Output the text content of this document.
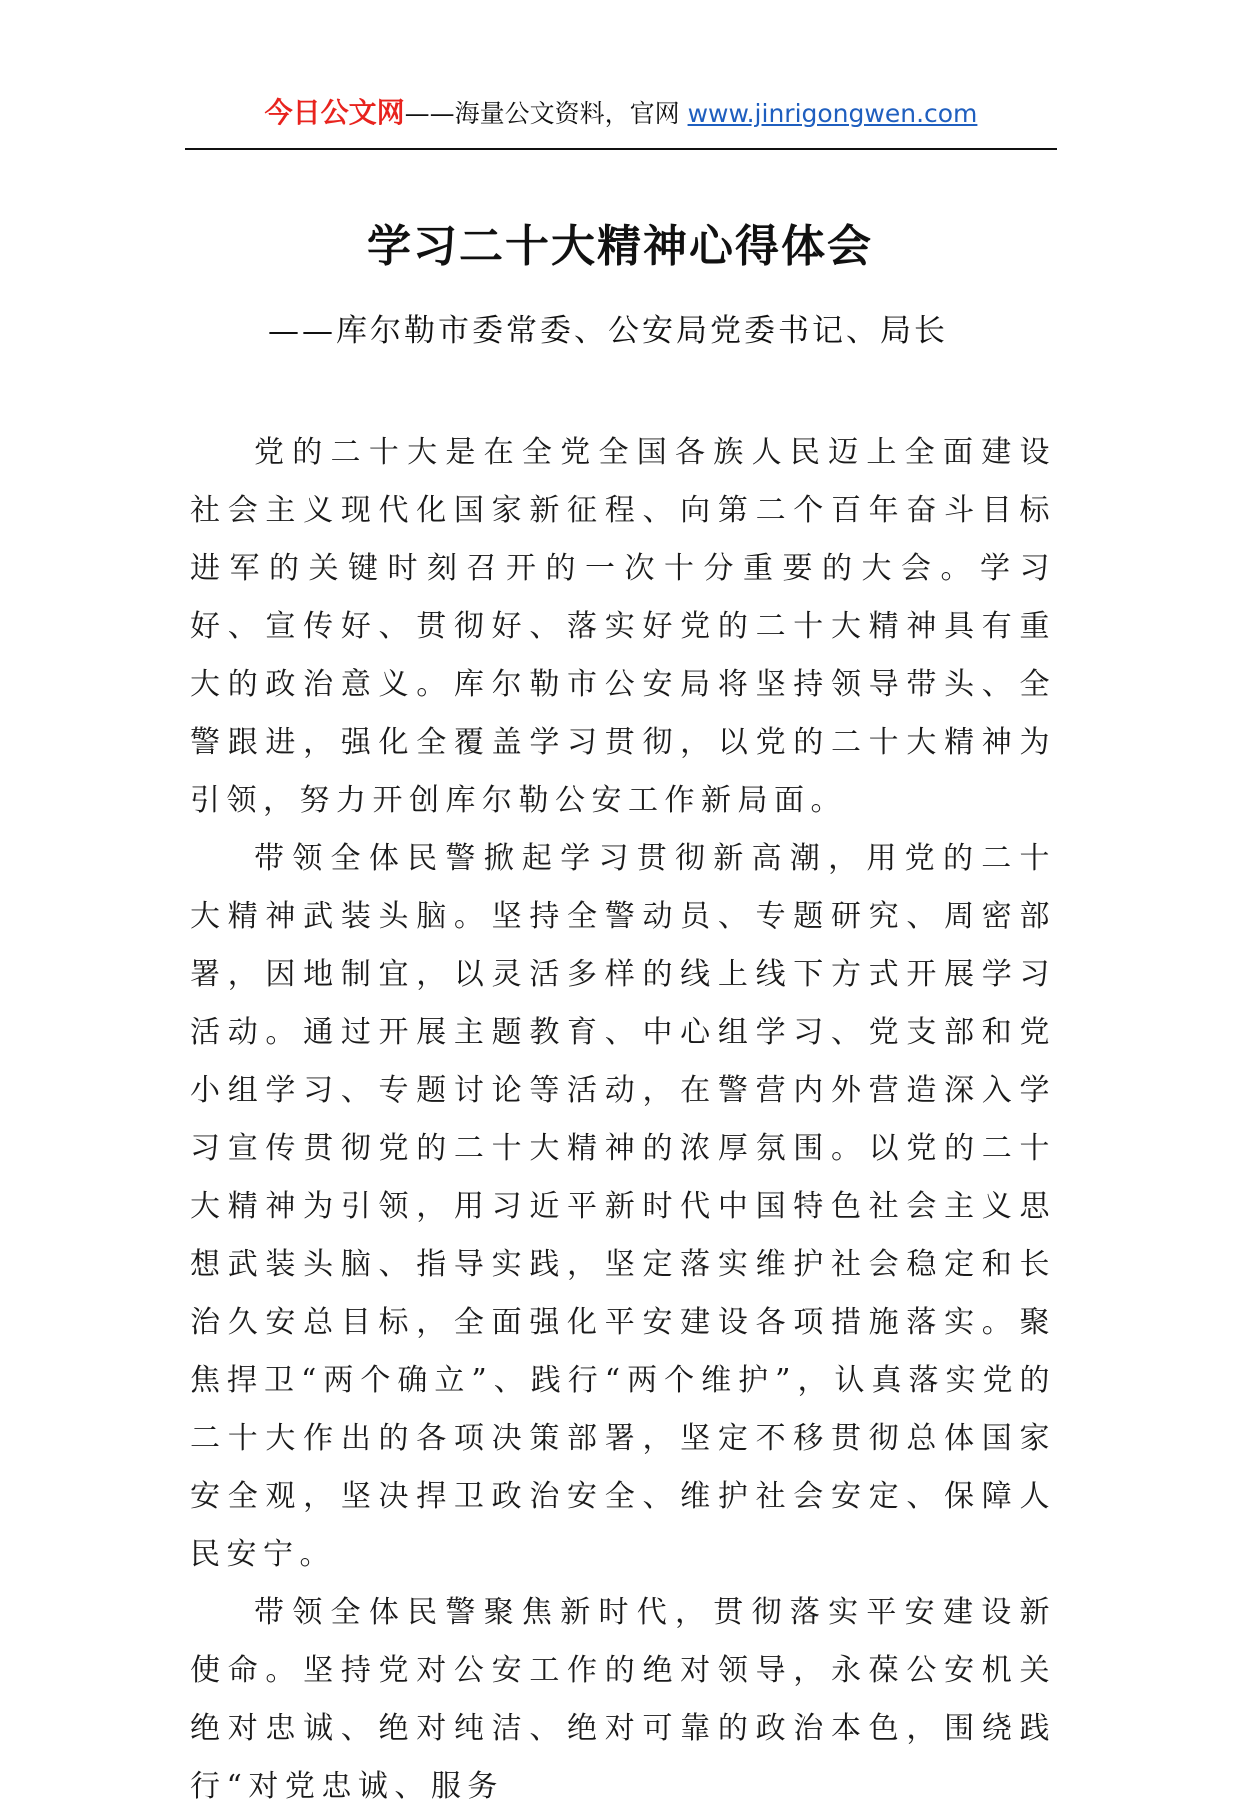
今日公文网——海量公文资料，官网 www.jinrigongwen.com
学习二十大精神心得体会

——库尔勒市委常委、公安局党委书记、局长

党的二十大是在全党全国各族人民迈上全面建设社会主义现代化国家新征程、向第二个百年奋斗目标进军的关键时刻召开的一次十分重要的大会。学习好、宣传好、贯彻好、落实好党的二十大精神具有重大的政治意义。库尔勒市公安局将坚持领导带头、全警跟进，强化全覆盖学习贯彻，以党的二十大精神为引领，努力开创库尔勒公安工作新局面。

带领全体民警掀起学习贯彻新高潮，用党的二十大精神武装头脑。坚持全警动员、专题研究、周密部署，因地制宜，以灵活多样的线上线下方式开展学习活动。通过开展主题教育、中心组学习、党支部和党小组学习、专题讨论等活动，在警营内外营造深入学习宣传贯彻党的二十大精神的浓厚氛围。以党的二十大精神为引领，用习近平新时代中国特色社会主义思想武装头脑、指导实践，坚定落实维护社会稳定和长治久安总目标，全面强化平安建设各项措施落实。聚焦捍卫“两个确立”、践行“两个维护”，认真落实党的二十大作出的各项决策部署，坚定不移贯彻总体国家安全观，坚决捍卫政治安全、维护社会安定、保障人民安宁。

带领全体民警聚焦新时代，贯彻落实平安建设新使命。坚持党对公安工作的绝对领导，永葆公安机关绝对忠诚、绝对纯洁、绝对可靠的政治本色，围绕践行“对党忠诚、服务
